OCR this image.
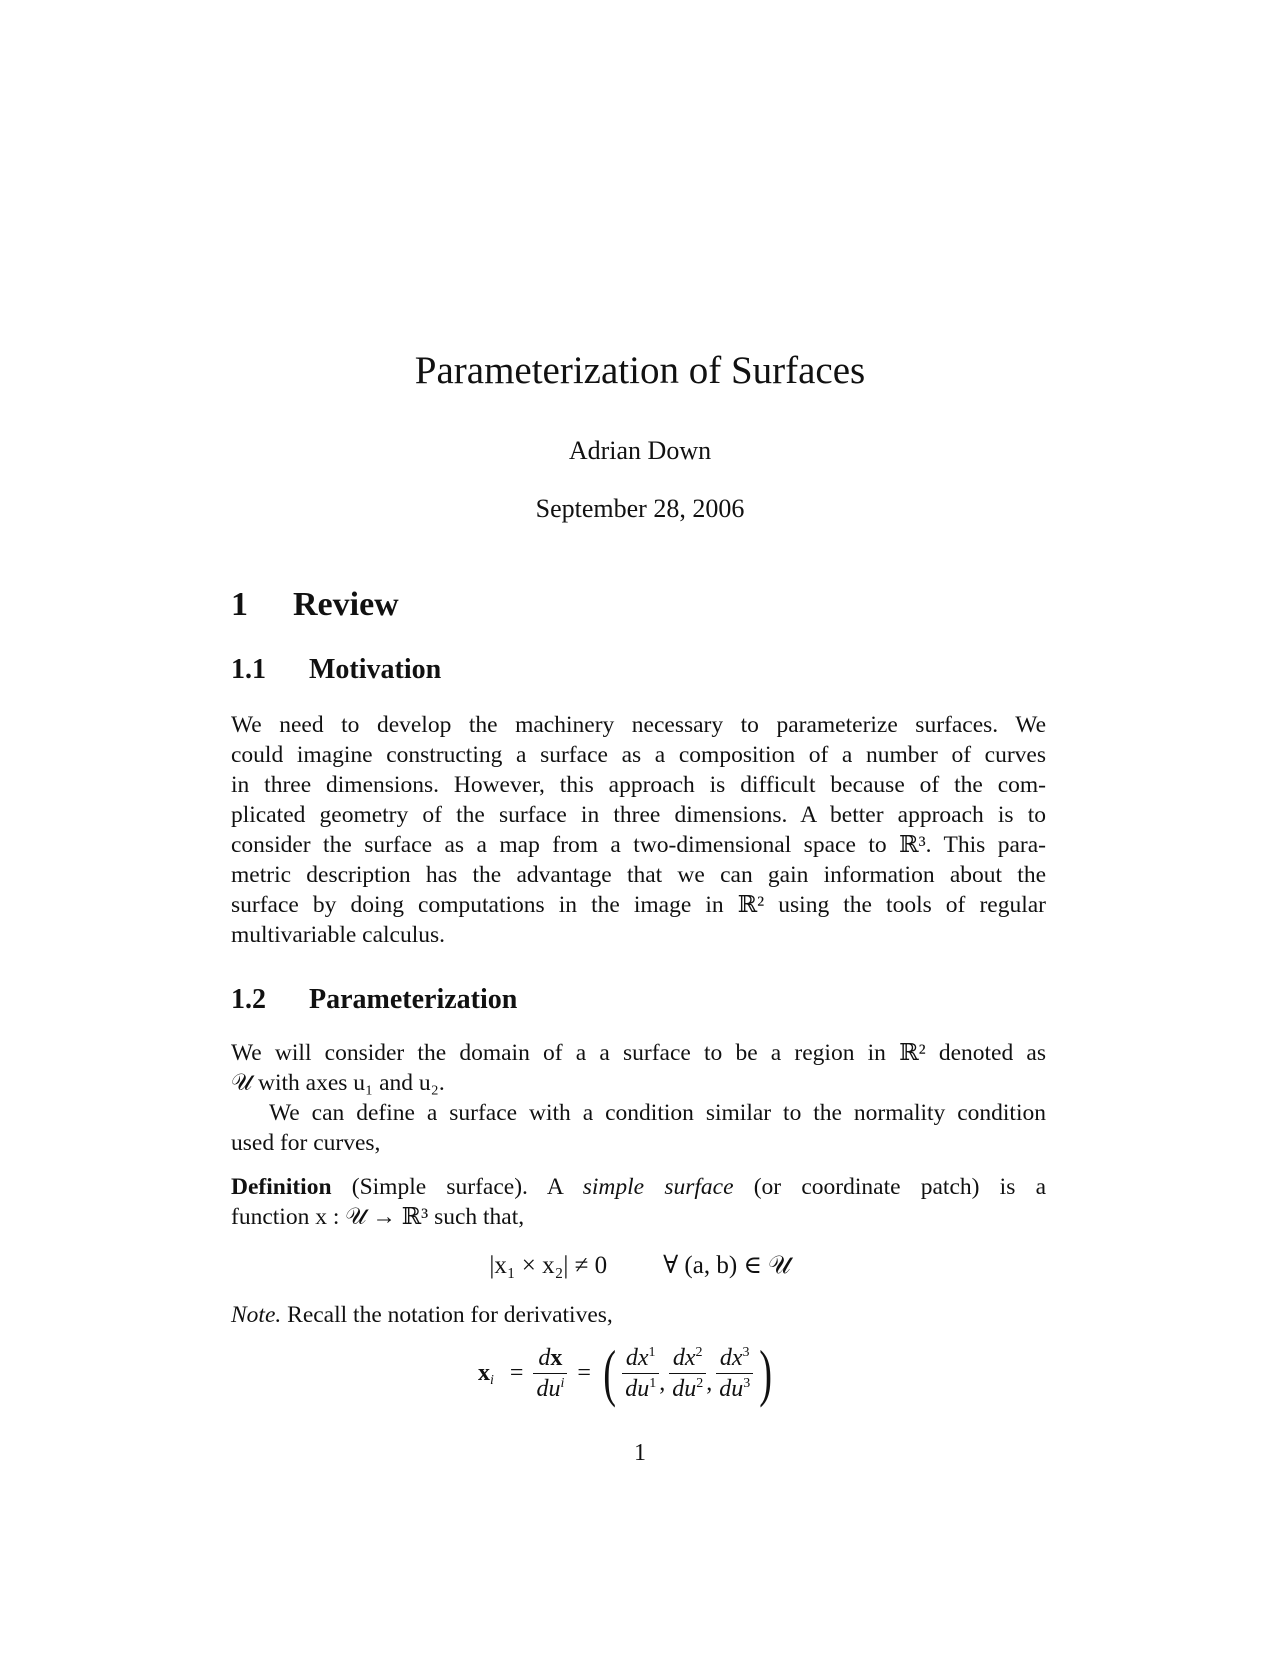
Parameterization of Surfaces
Adrian Down
September 28, 2006
1 Review
1.1 Motivation
We need to develop the machinery necessary to parameterize surfaces. We
could imagine constructing a surface as a composition of a number of curves
in three dimensions. However, this approach is difficult because of the com-
plicated geometry of the surface in three dimensions. A better approach is to
consider the surface as a map from a two-dimensional space to ℝ³. This para-
metric description has the advantage that we can gain information about the
surface by doing computations in the image in ℝ² using the tools of regular
multivariable calculus.
1.2 Parameterization
We will consider the domain of a a surface to be a region in ℝ² denoted as
𝒰 with axes u₁ and u₂.
We can define a surface with a condition similar to the normality condition
used for curves,
Definition (Simple surface). A simple surface (or coordinate patch) is a
function x : 𝒰 → ℝ³ such that,
|x₁ × x₂| ≠ 0 ∀ (a, b) ∈ 𝒰
Note. Recall the notation for derivatives,
$x_i = \frac{dx}{du^i}$ = ( $\frac{dx^1}{du^1}$ , $\frac{dx^2}{du^2}$ , $\frac{dx^3}{du^3}$ )
1
